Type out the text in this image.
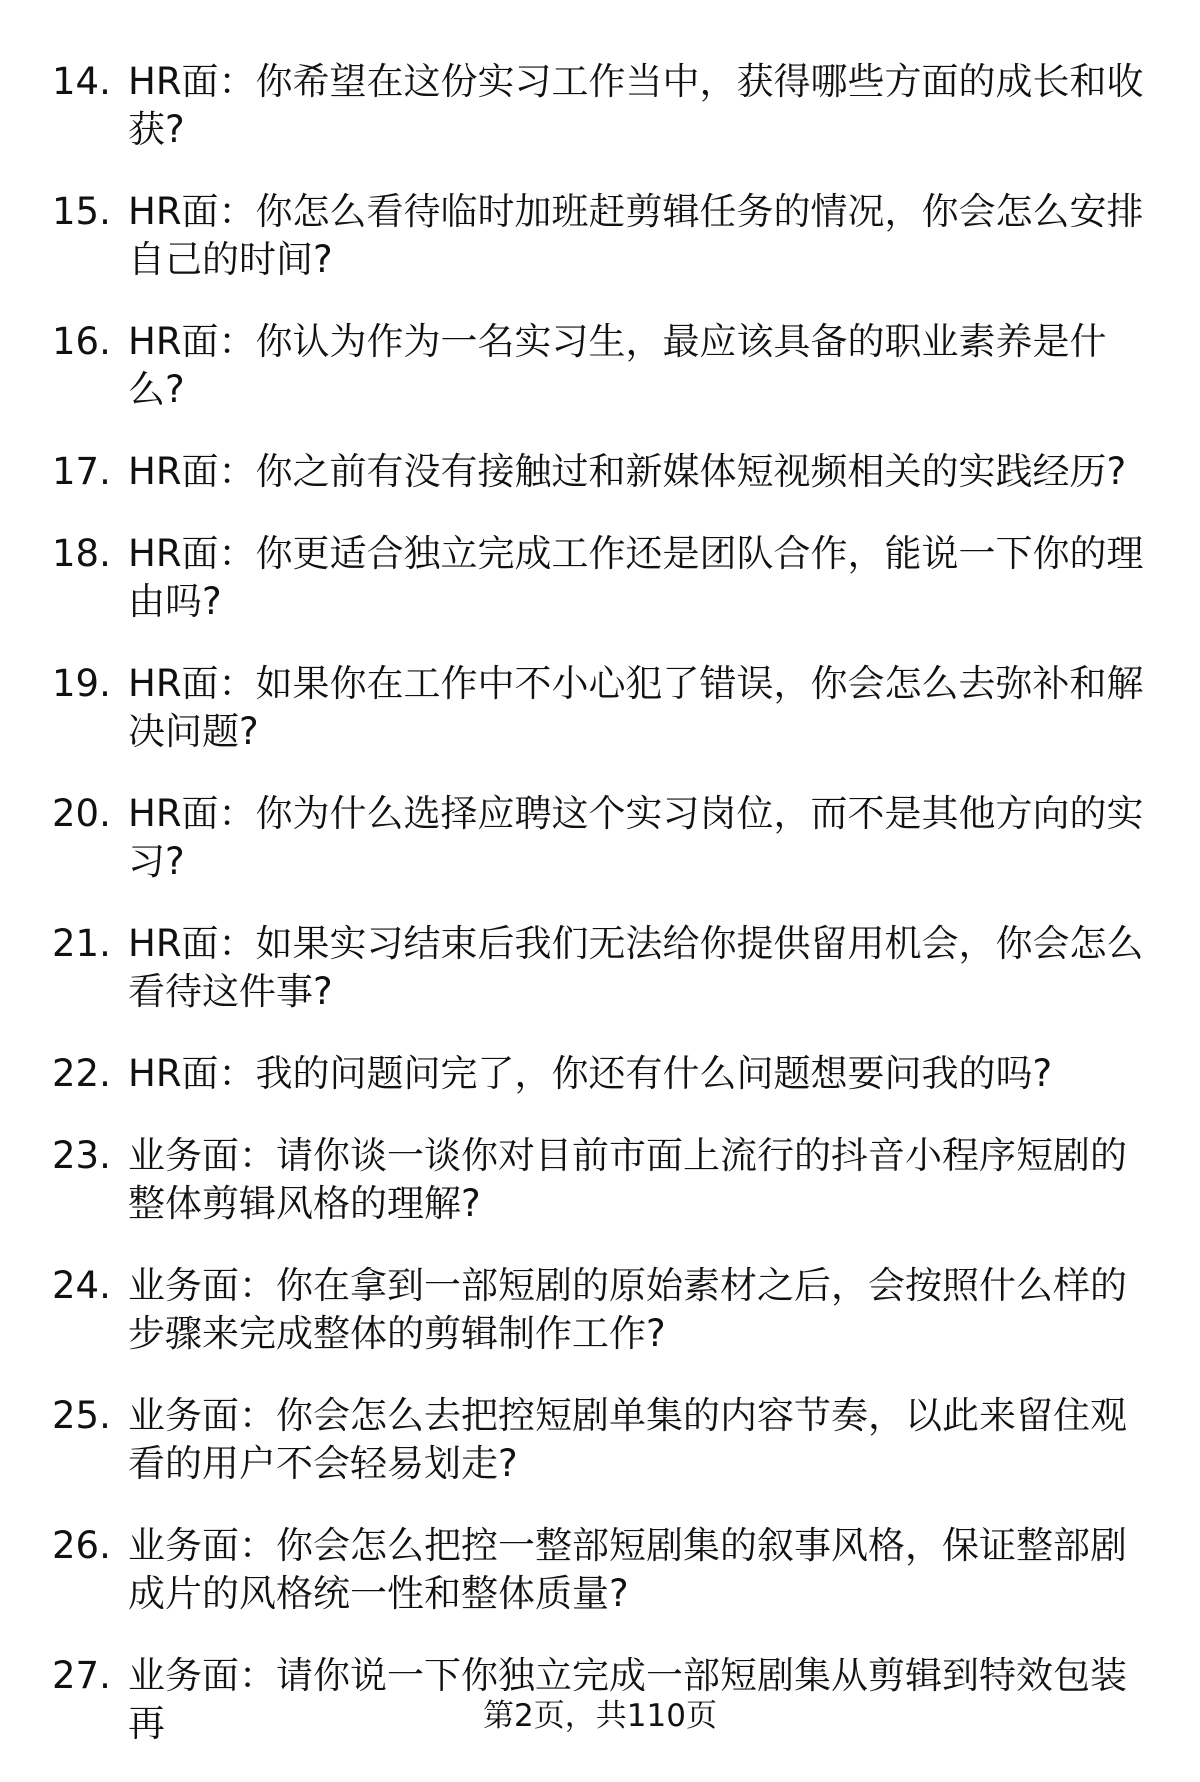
14. HR面：你希望在这份实习工作当中，获得哪些方面的成长和收获?
15. HR面：你怎么看待临时加班赶剪辑任务的情况，你会怎么安排自己的时间?
16. HR面：你认为作为一名实习生，最应该具备的职业素养是什么?
17. HR面：你之前有没有接触过和新媒体短视频相关的实践经历?
18. HR面：你更适合独立完成工作还是团队合作，能说一下你的理由吗?
19. HR面：如果你在工作中不小心犯了错误，你会怎么去弥补和解决问题?
20. HR面：你为什么选择应聘这个实习岗位，而不是其他方向的实习?
21. HR面：如果实习结束后我们无法给你提供留用机会，你会怎么看待这件事?
22. HR面：我的问题问完了，你还有什么问题想要问我的吗?
23. 业务面：请你谈一谈你对目前市面上流行的抖音小程序短剧的整体剪辑风格的理解?
24. 业务面：你在拿到一部短剧的原始素材之后，会按照什么样的步骤来完成整体的剪辑制作工作?
25. 业务面：你会怎么去把控短剧单集的内容节奏，以此来留住观看的用户不会轻易划走?
26. 业务面：你会怎么把控一整部短剧集的叙事风格，保证整部剧成片的风格统一性和整体质量?
27. 业务面：请你说一下你独立完成一部短剧集从剪辑到特效包装再	第2页，共110页
